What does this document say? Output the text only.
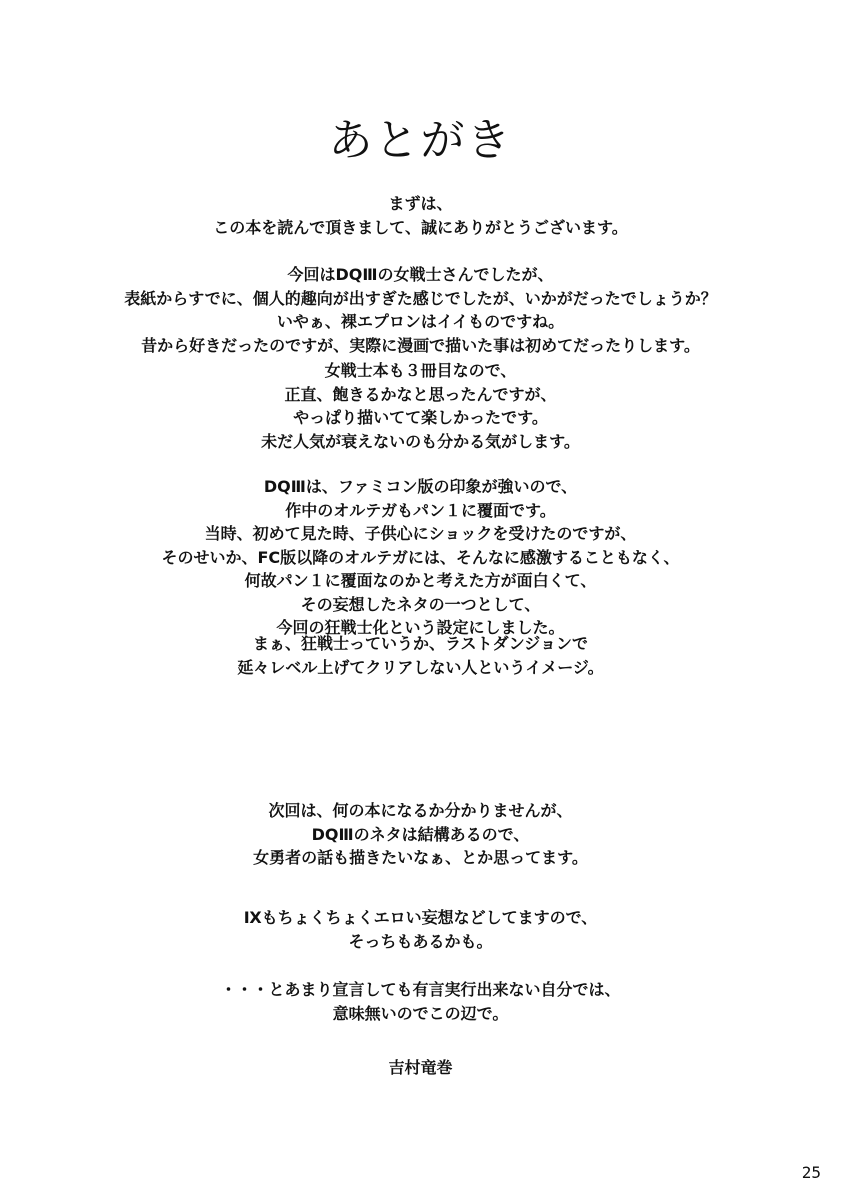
あとがき
まずは、
この本を読んで頂きまして、誠にありがとうございます。
今回はDQⅢの女戦士さんでしたが、
表紙からすでに、個人的趣向が出すぎた感じでしたが、いかがだったでしょうか？
いやぁ、裸エプロンはイイものですね。
昔から好きだったのですが、実際に漫画で描いた事は初めてだったりします。
女戦士本も３冊目なので、
正直、飽きるかなと思ったんですが、
やっぱり描いてて楽しかったです。
未だ人気が衰えないのも分かる気がします。
DQⅢは、ファミコン版の印象が強いので、
作中のオルテガもパン１に覆面です。
当時、初めて見た時、子供心にショックを受けたのですが、
そのせいか、FC版以降のオルテガには、そんなに感激することもなく、
何故パン１に覆面なのかと考えた方が面白くて、
その妄想したネタの一つとして、
今回の狂戦士化という設定にしました。
まぁ、狂戦士っていうか、ラストダンジョンで
延々レベル上げてクリアしない人というイメージ。
次回は、何の本になるか分かりませんが、
DQⅢのネタは結構あるので、
女勇者の話も描きたいなぁ、とか思ってます。
Ⅸもちょくちょくエロい妄想などしてますので、
そっちもあるかも。
・・・とあまり宣言しても有言実行出来ない自分では、
意味無いのでこの辺で。
吉村竜巻
25
